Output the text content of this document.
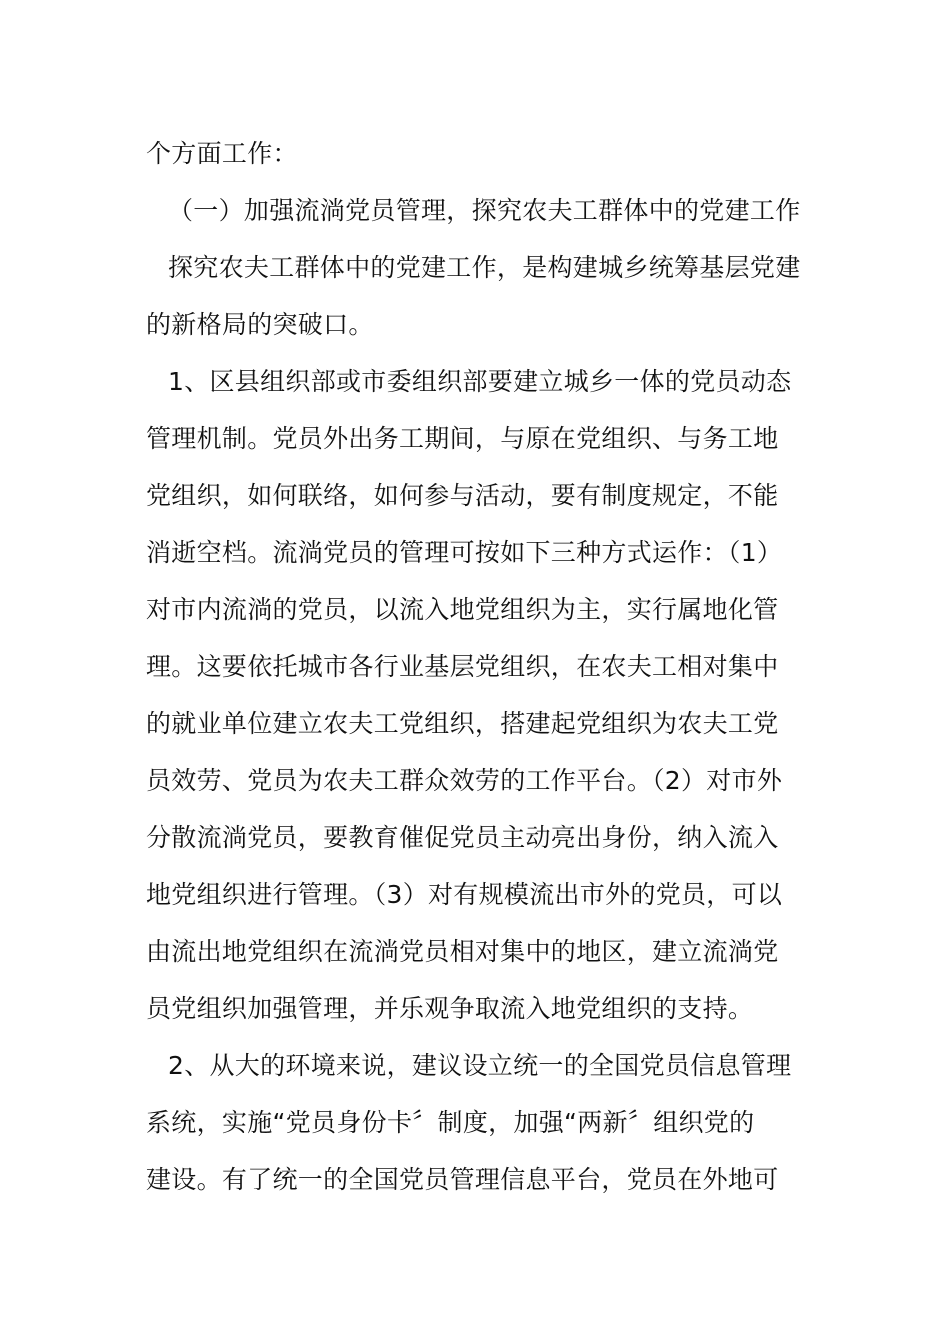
个方面工作：
（一）加强流淌党员管理，探究农夫工群体中的党建工作
探究农夫工群体中的党建工作，是构建城乡统筹基层党建
的新格局的突破口。
1、区县组织部或市委组织部要建立城乡一体的党员动态
管理机制。党员外出务工期间，与原在党组织、与务工地
党组织，如何联络，如何参与活动，要有制度规定，不能
消逝空档。流淌党员的管理可按如下三种方式运作：（1）
对市内流淌的党员，以流入地党组织为主，实行属地化管
理。这要依托城市各行业基层党组织，在农夫工相对集中
的就业单位建立农夫工党组织，搭建起党组织为农夫工党
员效劳、党员为农夫工群众效劳的工作平台。（2）对市外
分散流淌党员，要教育催促党员主动亮出身份，纳入流入
地党组织进行管理。（3）对有规模流出市外的党员，可以
由流出地党组织在流淌党员相对集中的地区，建立流淌党
员党组织加强管理，并乐观争取流入地党组织的支持。
2、从大的环境来说，建议设立统一的全国党员信息管理
系统，实施“党员身份卡〞制度，加强“两新〞组织党的
建设。有了统一的全国党员管理信息平台，党员在外地可
